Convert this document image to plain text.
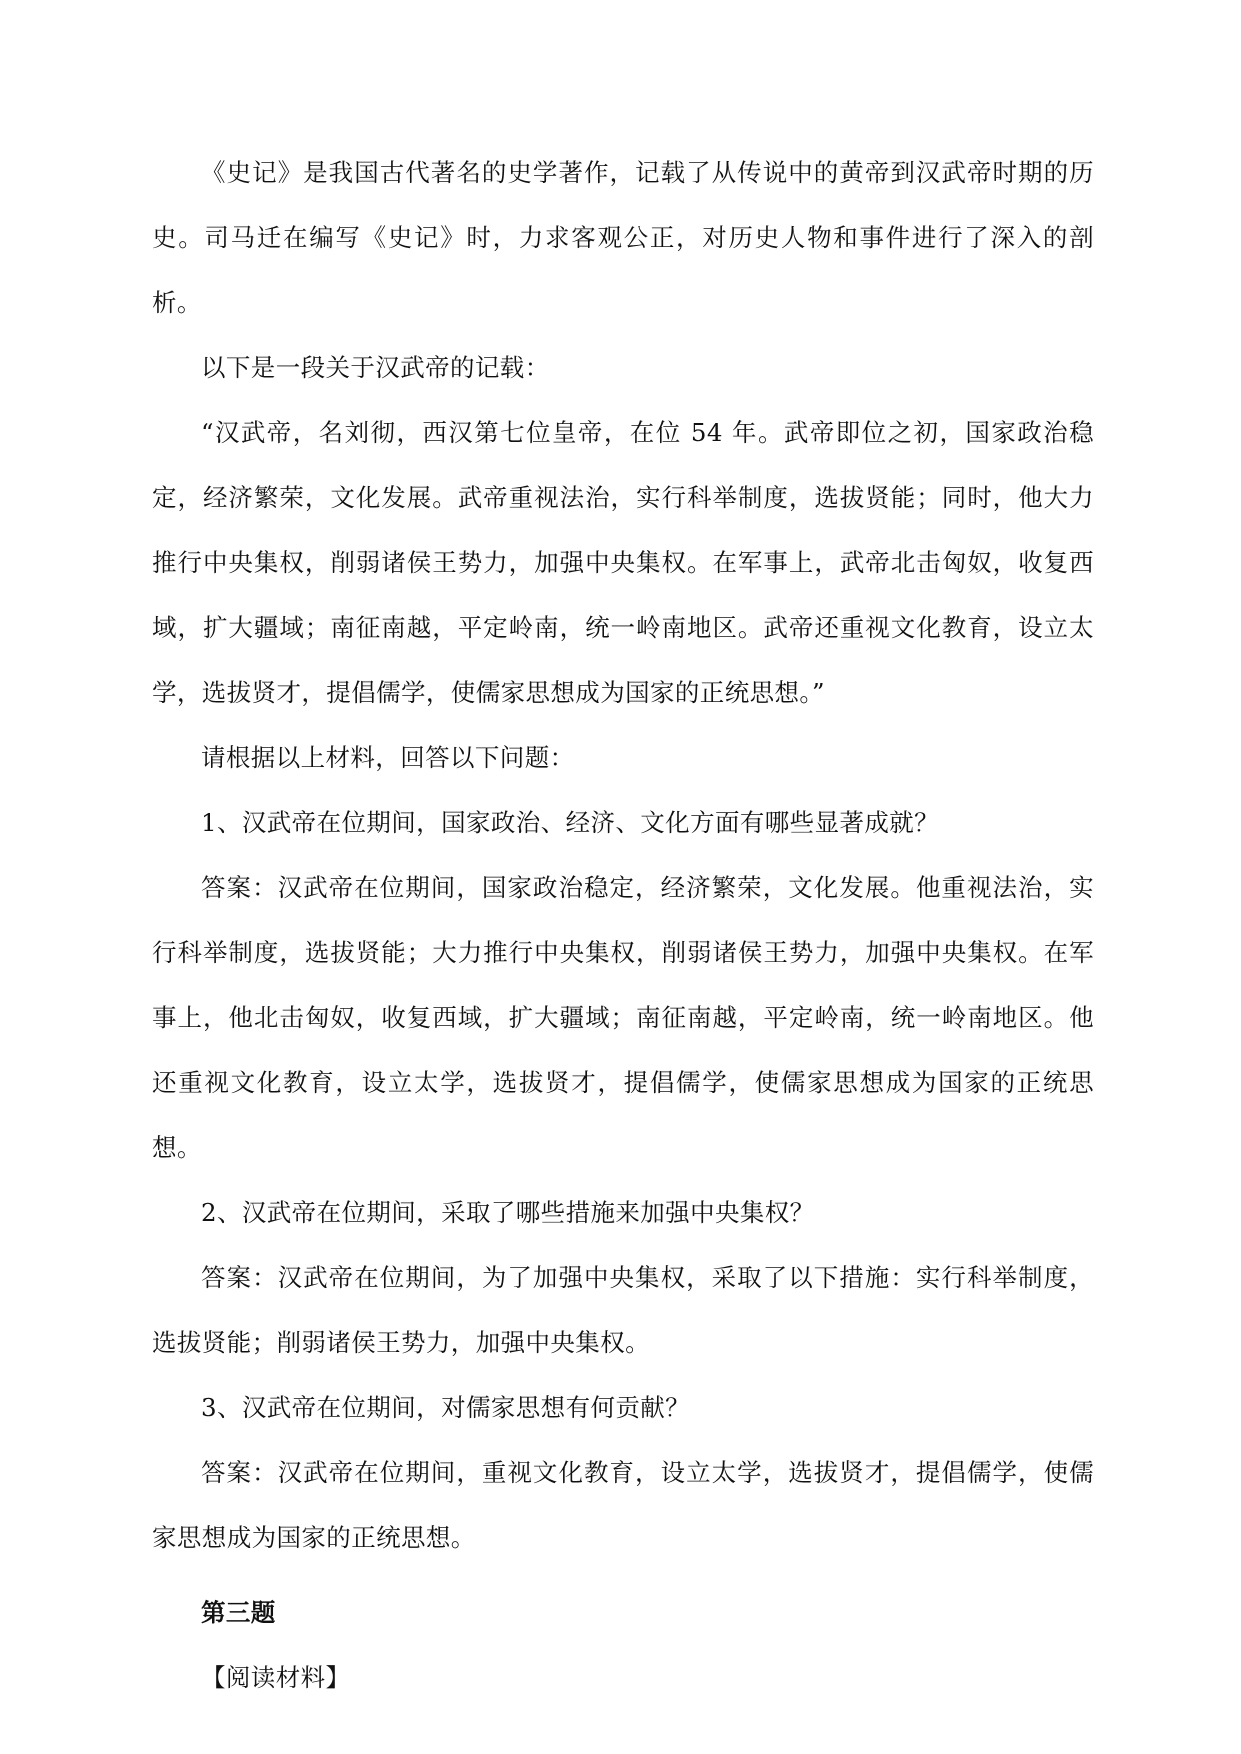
《史记》是我国古代著名的史学著作，记载了从传说中的黄帝到汉武帝时期的历史。司马迁在编写《史记》时，力求客观公正，对历史人物和事件进行了深入的剖析。

以下是一段关于汉武帝的记载：

“汉武帝，名刘彻，西汉第七位皇帝，在位 54 年。武帝即位之初，国家政治稳定，经济繁荣，文化发展。武帝重视法治，实行科举制度，选拔贤能；同时，他大力推行中央集权，削弱诸侯王势力，加强中央集权。在军事上，武帝北击匈奴，收复西域，扩大疆域；南征南越，平定岭南，统一岭南地区。武帝还重视文化教育，设立太学，选拔贤才，提倡儒学，使儒家思想成为国家的正统思想。”

请根据以上材料，回答以下问题：

1、汉武帝在位期间，国家政治、经济、文化方面有哪些显著成就？

答案：汉武帝在位期间，国家政治稳定，经济繁荣，文化发展。他重视法治，实行科举制度，选拔贤能；大力推行中央集权，削弱诸侯王势力，加强中央集权。在军事上，他北击匈奴，收复西域，扩大疆域；南征南越，平定岭南，统一岭南地区。他还重视文化教育，设立太学，选拔贤才，提倡儒学，使儒家思想成为国家的正统思想。

2、汉武帝在位期间，采取了哪些措施来加强中央集权？

答案：汉武帝在位期间，为了加强中央集权，采取了以下措施：实行科举制度，选拔贤能；削弱诸侯王势力，加强中央集权。

3、汉武帝在位期间，对儒家思想有何贡献？

答案：汉武帝在位期间，重视文化教育，设立太学，选拔贤才，提倡儒学，使儒家思想成为国家的正统思想。

第三题

【阅读材料】
